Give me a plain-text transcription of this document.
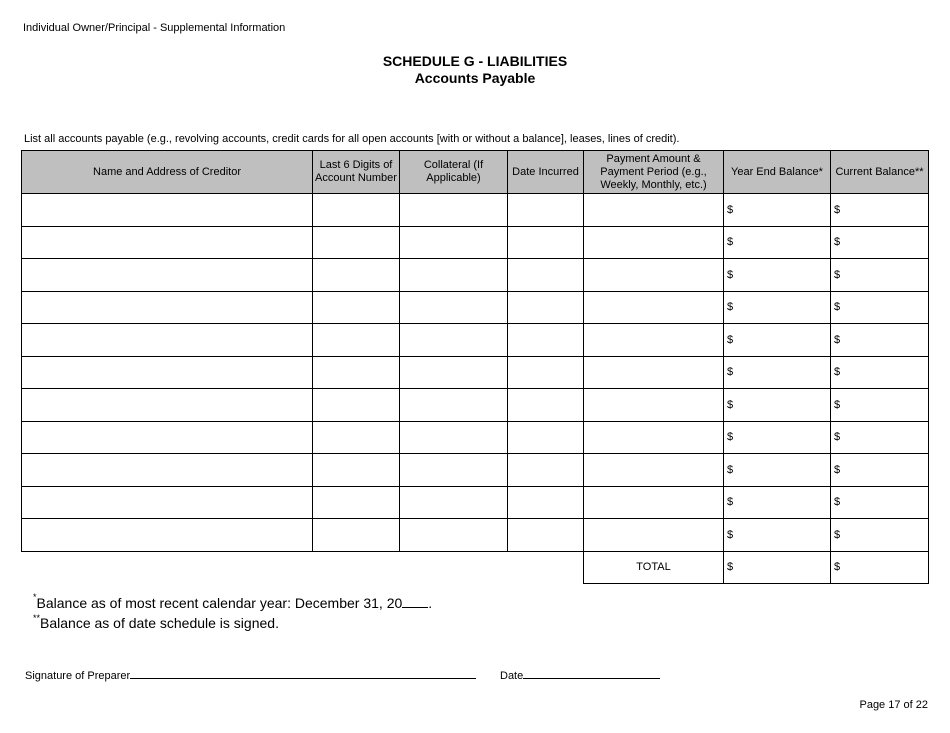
Individual Owner/Principal - Supplemental Information
SCHEDULE G - LIABILITIES
Accounts Payable
List all accounts payable (e.g., revolving accounts, credit cards for all open accounts [with or without a balance], leases, lines of credit).
Name and Address of Creditor	Last 6 Digits of Account Number	Collateral (If Applicable)	Date Incurred	Payment Amount & Payment Period (e.g., Weekly, Monthly, etc.)	Year End Balance*	Current Balance**
					$	$
					$	$
					$	$
					$	$
					$	$
					$	$
					$	$
					$	$
					$	$
					$	$
					$	$
				TOTAL	$	$
*Balance as of most recent calendar year: December 31, 20 .
**Balance as of date schedule is signed.
Signature of Preparer	Date
Page 17 of 22
